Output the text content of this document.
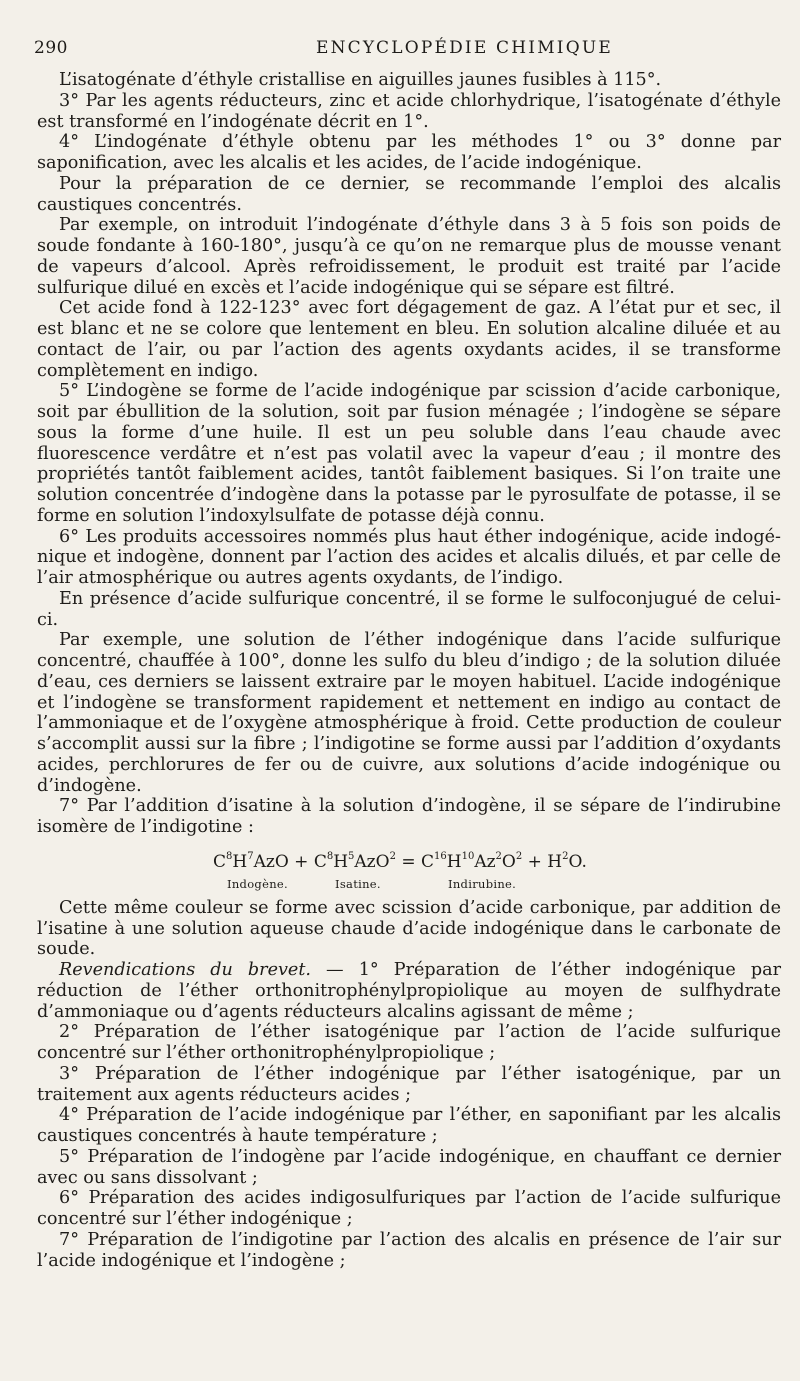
290	ENCYCLOPÉDIE CHIMIQUE

L’isatogénate d’éthyle cristallise en aiguilles jaunes fusibles à 115°.

3° Par les agents réducteurs, zinc et acide chlorhydrique, l’isatogénate d’éthyle est transformé en l’indogénate décrit en 1°.

4° L’indogénate d’éthyle obtenu par les méthodes 1° ou 3° donne par saponification, avec les alcalis et les acides, de l’acide indogénique.

Pour la préparation de ce dernier, se recommande l’emploi des alcalis caustiques concentrés.

Par exemple, on introduit l’indogénate d’éthyle dans 3 à 5 fois son poids de soude fondante à 160-180°, jusqu’à ce qu’on ne remarque plus de mousse venant de vapeurs d’alcool. Après refroidissement, le produit est traité par l’acide sulfurique dilué en excès et l’acide indogénique qui se sépare est filtré.

Cet acide fond à 122-123° avec fort dégagement de gaz. A l’état pur et sec, il est blanc et ne se colore que lentement en bleu. En solution alcaline diluée et au contact de l’air, ou par l’action des agents oxydants acides, il se transforme complètement en indigo.

5° L’indogène se forme de l’acide indogénique par scission d’acide carbonique, soit par ébullition de la solution, soit par fusion ménagée ; l’indogène se sépare sous la forme d’une huile. Il est un peu soluble dans l’eau chaude avec fluorescence verdâtre et n’est pas volatil avec la vapeur d’eau ; il montre des propriétés tantôt faiblement acides, tantôt faiblement basiques. Si l’on traite une solution concentrée d’indogène dans la potasse par le pyrosulfate de potasse, il se forme en solution l’indoxylsulfate de potasse déjà connu.

6° Les produits accessoires nommés plus haut éther indogénique, acide indogénique et indogène, donnent par l’action des acides et alcalis dilués, et par celle de l’air atmosphérique ou autres agents oxydants, de l’indigo.

En présence d’acide sulfurique concentré, il se forme le sulfoconjugué de celui-ci.

Par exemple, une solution de l’éther indogénique dans l’acide sulfurique concentré, chauffée à 100°, donne les sulfo du bleu d’indigo ; de la solution diluée d’eau, ces derniers se laissent extraire par le moyen habituel. L’acide indogénique et l’indogène se transforment rapidement et nettement en indigo au contact de l’ammoniaque et de l’oxygène atmosphérique à froid. Cette production de couleur s’accomplit aussi sur la fibre ; l’indigotine se forme aussi par l’addition d’oxydants acides, perchlorures de fer ou de cuivre, aux solutions d’acide indogénique ou d’indogène.

7° Par l’addition d’isatine à la solution d’indogène, il se sépare de l’indirubine isomère de l’indigotine :

$C^8H^7AzO + C^8H^5AzO^2 = C^{16}H^{10}Az^2O^2 + H^2O$.
Indogène.	Isatine.	Indirubine.

Cette même couleur se forme avec scission d’acide carbonique, par addition de l’isatine à une solution aqueuse chaude d’acide indogénique dans le carbonate de soude.

Revendications du brevet. — 1° Préparation de l’éther indogénique par réduction de l’éther orthonitrophénylpropiolique au moyen de sulfhydrate d’ammoniaque ou d’agents réducteurs alcalins agissant de même ;

2° Préparation de l’éther isatogénique par l’action de l’acide sulfurique concentré sur l’éther orthonitrophénylpropiolique ;

3° Préparation de l’éther indogénique par l’éther isatogénique, par un traitement aux agents réducteurs acides ;

4° Préparation de l’acide indogénique par l’éther, en saponifiant par les alcalis caustiques concentrés à haute température ;

5° Préparation de l’indogène par l’acide indogénique, en chauffant ce dernier avec ou sans dissolvant ;

6° Préparation des acides indigosulfuriques par l’action de l’acide sulfurique concentré sur l’éther indogénique ;

7° Préparation de l’indigotine par l’action des alcalis en présence de l’air sur l’acide indogénique et l’indogène ;
